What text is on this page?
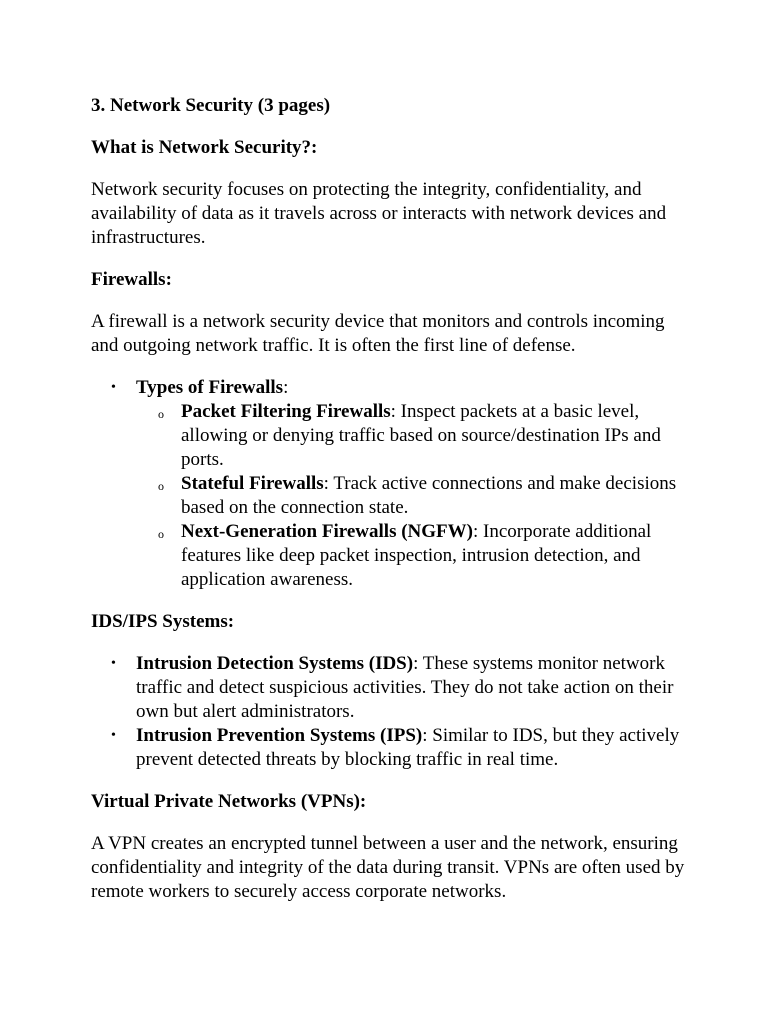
3. Network Security (3 pages)

What is Network Security?:

Network security focuses on protecting the integrity, confidentiality, and availability of data as it travels across or interacts with network devices and infrastructures.

Firewalls:

A firewall is a network security device that monitors and controls incoming and outgoing network traffic. It is often the first line of defense.

• Types of Firewalls:
o Packet Filtering Firewalls: Inspect packets at a basic level, allowing or denying traffic based on source/destination IPs and ports.
o Stateful Firewalls: Track active connections and make decisions based on the connection state.
o Next-Generation Firewalls (NGFW): Incorporate additional features like deep packet inspection, intrusion detection, and application awareness.

IDS/IPS Systems:

• Intrusion Detection Systems (IDS): These systems monitor network traffic and detect suspicious activities. They do not take action on their own but alert administrators.
• Intrusion Prevention Systems (IPS): Similar to IDS, but they actively prevent detected threats by blocking traffic in real time.

Virtual Private Networks (VPNs):

A VPN creates an encrypted tunnel between a user and the network, ensuring confidentiality and integrity of the data during transit. VPNs are often used by remote workers to securely access corporate networks.
